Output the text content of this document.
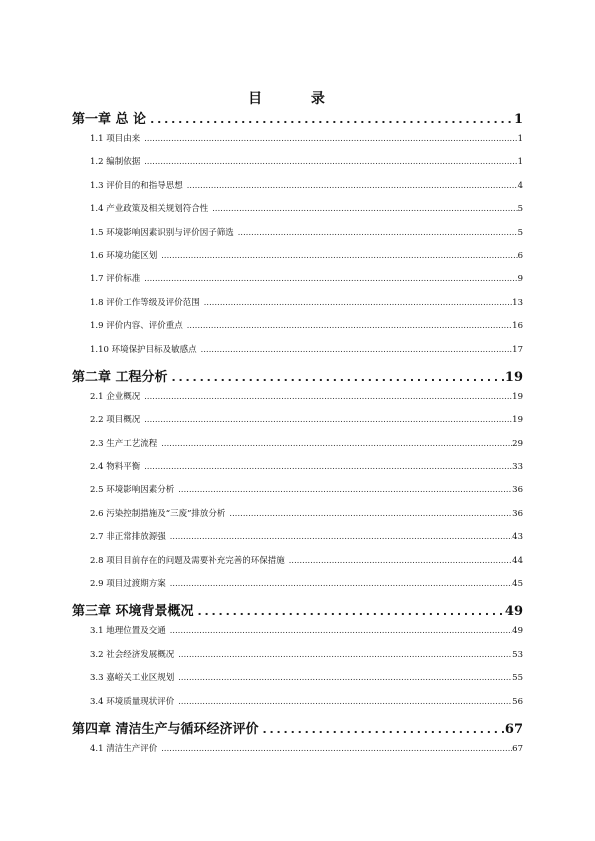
目 录
第一章 总 论 . . .	1
1.1 项目由来 . . .	1
1.2 编制依据 . . .	1
1.3 评价目的和指导思想 . . .	4
1.4 产业政策及相关规划符合性 . . .	5
1.5 环境影响因素识别与评价因子筛选 . . .	5
1.6 环境功能区划 . . .	6
1.7 评价标准 . . .	9
1.8 评价工作等级及评价范围 . . .	13
1.9 评价内容、评价重点 . . .	16
1.10 环境保护目标及敏感点 . . .	17
第二章 工程分析 . . .	19
2.1 企业概况 . . .	19
2.2 项目概况 . . .	19
2.3 生产工艺流程 . . .	29
2.4 物料平衡 . . .	33
2.5 环境影响因素分析 . . .	36
2.6 污染控制措施及“三废”排放分析 . . .	36
2.7 非正常排放源强 . . .	43
2.8 项目目前存在的问题及需要补充完善的环保措施 . . .	44
2.9 项目过渡期方案 . . .	45
第三章 环境背景概况 . . .	49
3.1 地理位置及交通 . . .	49
3.2 社会经济发展概况 . . .	53
3.3 嘉峪关工业区规划 . . .	55
3.4 环境质量现状评价 . . .	56
第四章 清洁生产与循环经济评价 . . .	67
4.1 清洁生产评价 . . .	67
